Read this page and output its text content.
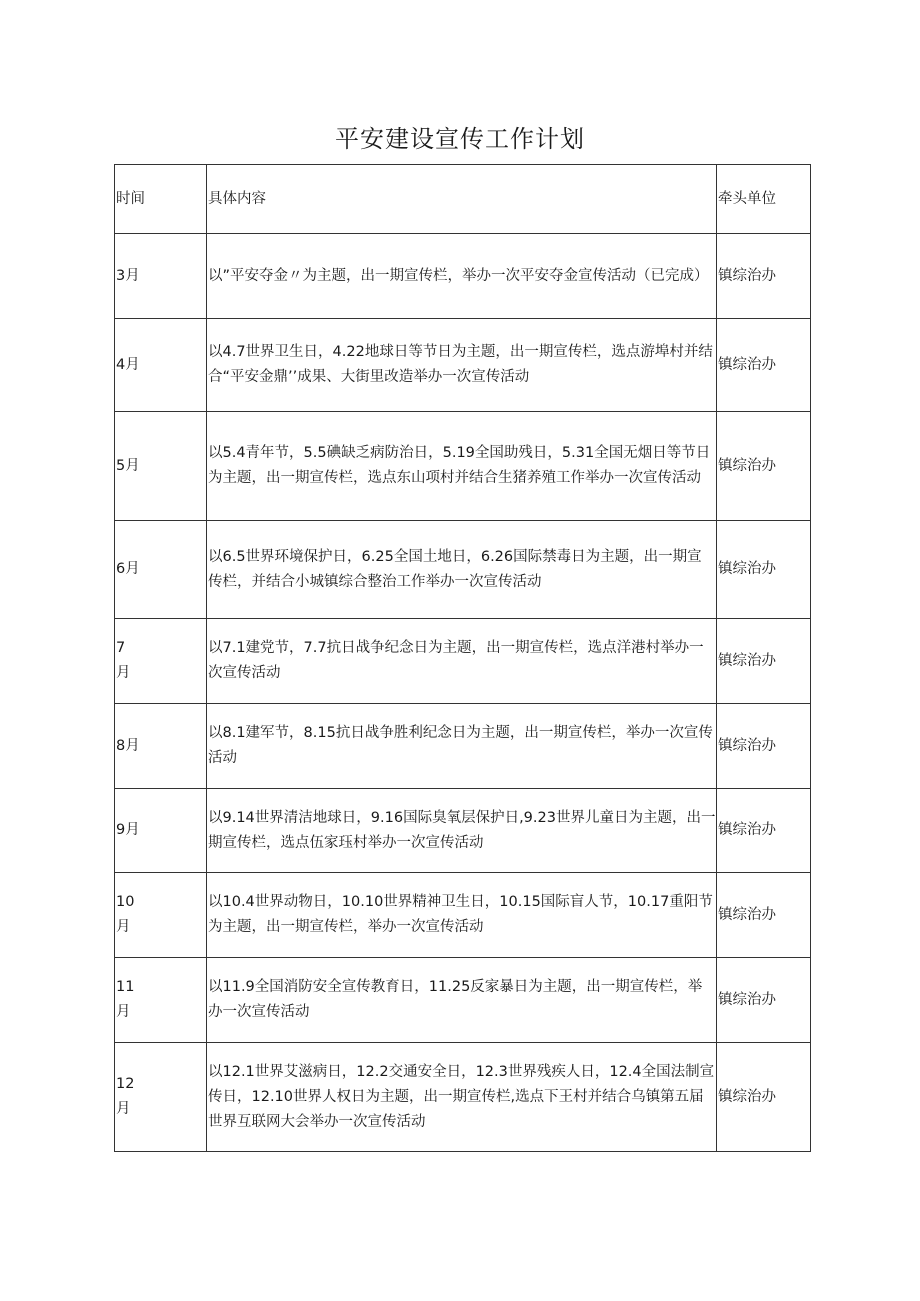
平安建设宣传工作计划
时间	具体内容	牵头单位
3月	以”平安夺金〃为主题，出一期宣传栏，举办一次平安夺金宣传活动（已完成）	镇综治办
4月	以4.7世界卫生日，4.22地球日等节日为主题，出一期宣传栏，选点游埠村并结合“平安金鼎’’成果、大街里改造举办一次宣传活动	镇综治办
5月	以5.4青年节，5.5碘缺乏病防治日，5.19全国助残日，5.31全国无烟日等节日为主题，出一期宣传栏，选点东山项村并结合生猪养殖工作举办一次宣传活动	镇综治办
6月	以6.5世界环境保护日，6.25全国土地日，6.26国际禁毒日为主题，出一期宣传栏，并结合小城镇综合整治工作举办一次宣传活动	镇综治办

7月	以7.1建党节，7.7抗日战争纪念日为主题，出一期宣传栏，选点洋港村举办一次宣传活动	镇综治办
8月	以8.1建军节，8.15抗日战争胜利纪念日为主题，出一期宣传栏，举办一次宣传活动	镇综治办
9月	以9.14世界清洁地球日，9.16国际臭氧层保护日,9.23世界儿童日为主题，出一期宣传栏，选点伍家珏村举办一次宣传活动	镇综治办

10月	以10.4世界动物日，10.10世界精神卫生日，10.15国际盲人节，10.17重阳节为主题，出一期宣传栏，举办一次宣传活动	镇综治办

11月	以11.9全国消防安全宣传教育日，11.25反家暴日为主题，出一期宣传栏，举办一次宣传活动	镇综治办

12月	以12.1世界艾滋病日，12.2交通安全日，12.3世界残疾人日，12.4全国法制宣传日，12.10世界人权日为主题，出一期宣传栏,选点下王村并结合乌镇第五届世界互联网大会举办一次宣传活动	镇综治办
